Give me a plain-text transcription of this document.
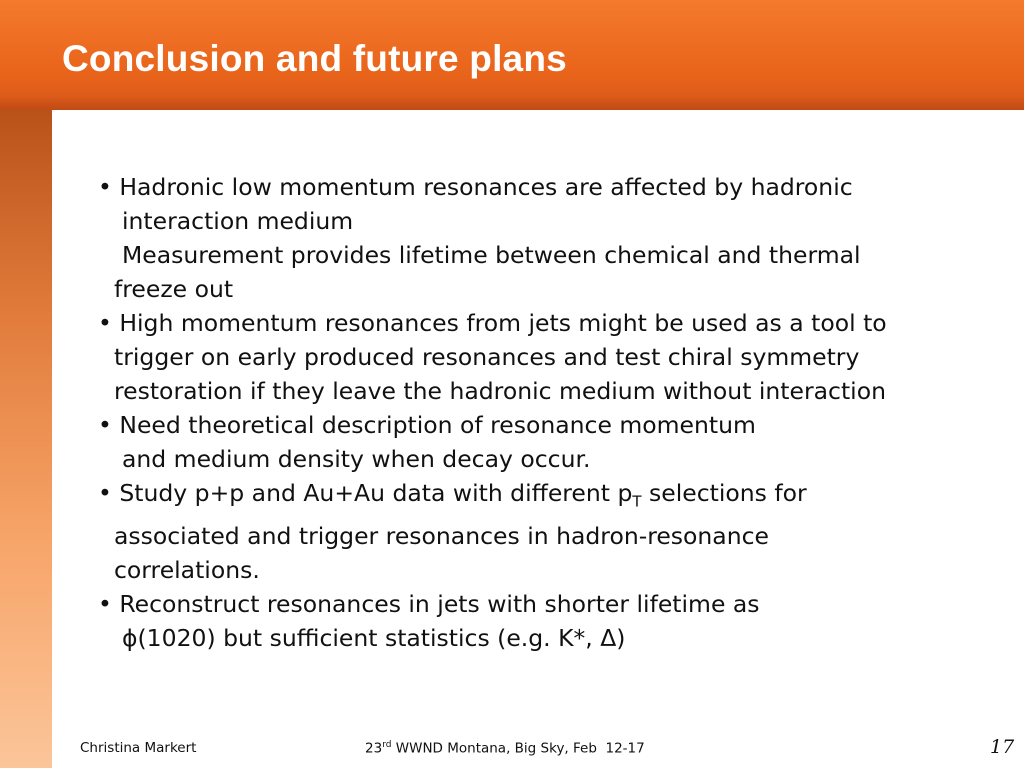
Conclusion and future plans

• Hadronic low momentum resonances are affected by hadronic

interaction medium

Measurement provides lifetime between chemical and thermal

freeze out

• High momentum resonances from jets might be used as a tool to

trigger on early produced resonances and test chiral symmetry

restoration if they leave the hadronic medium without interaction

• Need theoretical description of resonance momentum

and medium density when decay occur.

• Study p+p and Au+Au data with different $p_T$ selections for

associated and trigger resonances in hadron-resonance

correlations.

• Reconstruct resonances in jets with shorter lifetime as

ϕ(1020) but sufficient statistics (e.g. K*, Δ)

Christina Markert	23rd WWND Montana, Big Sky, Feb  12-17	17
